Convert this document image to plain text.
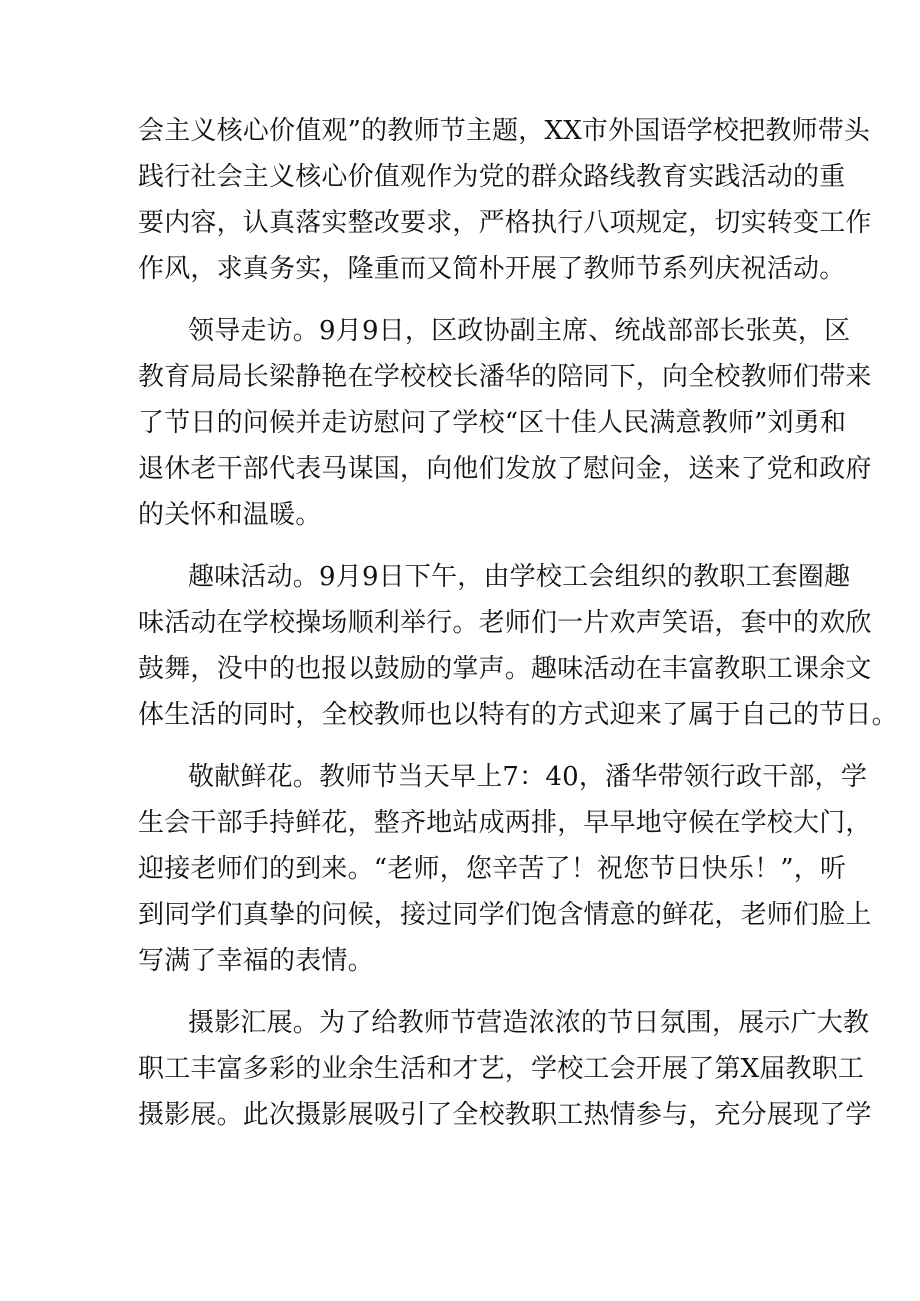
会主义核心价值观”的教师节主题，XX市外国语学校把教师带头
践行社会主义核心价值观作为党的群众路线教育实践活动的重
要内容，认真落实整改要求，严格执行八项规定，切实转变工作
作风，求真务实，隆重而又简朴开展了教师节系列庆祝活动。
领导走访。9月9日，区政协副主席、统战部部长张英，区
教育局局长梁静艳在学校校长潘华的陪同下，向全校教师们带来
了节日的问候并走访慰问了学校“区十佳人民满意教师”刘勇和
退休老干部代表马谋国，向他们发放了慰问金，送来了党和政府
的关怀和温暖。
趣味活动。9月9日下午，由学校工会组织的教职工套圈趣
味活动在学校操场顺利举行。老师们一片欢声笑语，套中的欢欣
鼓舞，没中的也报以鼓励的掌声。趣味活动在丰富教职工课余文
体生活的同时，全校教师也以特有的方式迎来了属于自己的节日。
敬献鲜花。教师节当天早上7：40，潘华带领行政干部，学
生会干部手持鲜花，整齐地站成两排，早早地守候在学校大门，
迎接老师们的到来。“老师，您辛苦了！祝您节日快乐！”，听
到同学们真挚的问候，接过同学们饱含情意的鲜花，老师们脸上
写满了幸福的表情。
摄影汇展。为了给教师节营造浓浓的节日氛围，展示广大教
职工丰富多彩的业余生活和才艺，学校工会开展了第X届教职工
摄影展。此次摄影展吸引了全校教职工热情参与，充分展现了学
